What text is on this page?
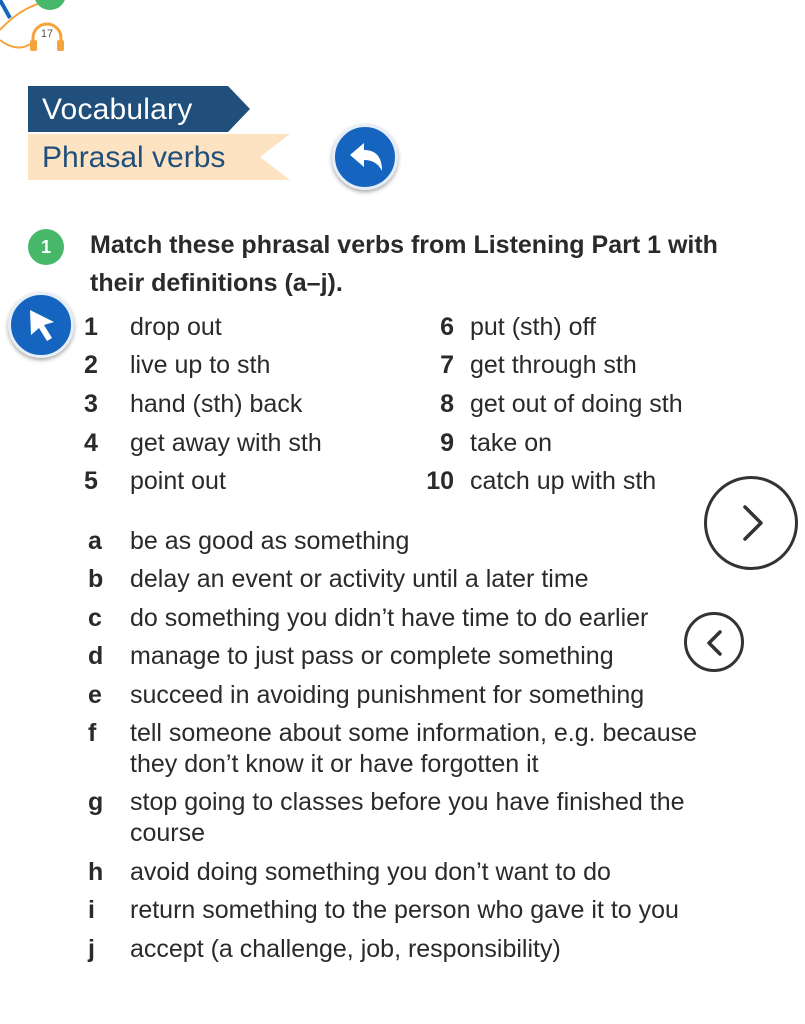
17
Vocabulary
Phrasal verbs
1	Match these phrasal verbs from Listening Part 1 with their definitions (a–j).
1	drop out
2	live up to sth
3	hand (sth) back
4	get away with sth
5	point out
6 put (sth) off
7 get through sth
8 get out of doing sth
9 take on
10 catch up with sth
a	be as good as something
b	delay an event or activity until a later time
c	do something you didn’t have time to do earlier
d	manage to just pass or complete something
e	succeed in avoiding punishment for something
f	tell someone about some information, e.g. because they don’t know it or have forgotten it
g	stop going to classes before you have finished the course
h	avoid doing something you don’t want to do
i	return something to the person who gave it to you
j	accept (a challenge, job, responsibility)
